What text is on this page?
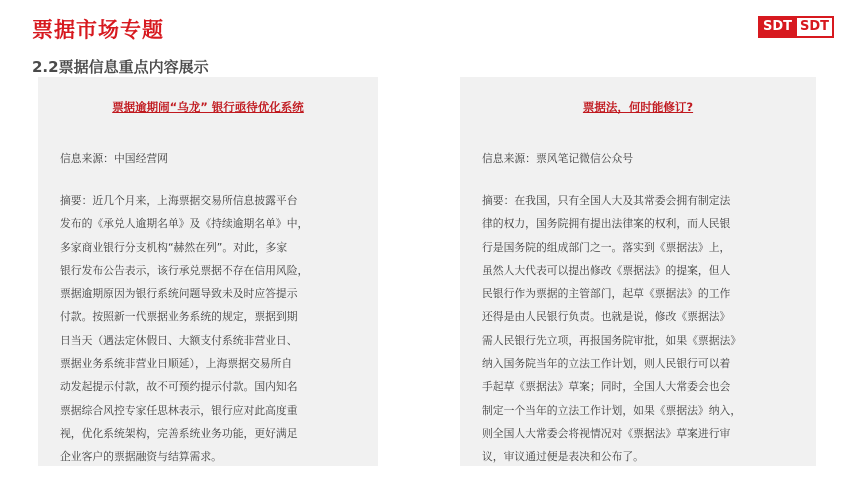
票据市场专题
2.2票据信息重点内容展示
SDT SDT
票据逾期闹“乌龙” 银行亟待优化系统
信息来源：中国经营网
摘要：近几个月来，上海票据交易所信息披露平台
发布的《承兑人逾期名单》及《持续逾期名单》中，
多家商业银行分支机构“赫然在列”。对此，多家
银行发布公告表示，该行承兑票据不存在信用风险，
票据逾期原因为银行系统问题导致未及时应答提示
付款。按照新一代票据业务系统的规定，票据到期
日当天（遇法定休假日、大额支付系统非营业日、
票据业务系统非营业日顺延），上海票据交易所自
动发起提示付款，故不可预约提示付款。国内知名
票据综合风控专家任思林表示，银行应对此高度重
视，优化系统架构，完善系统业务功能，更好满足
企业客户的票据融资与结算需求。
票据法，何时能修订?
信息来源：票风笔记微信公众号
摘要：在我国，只有全国人大及其常委会拥有制定法
律的权力，国务院拥有提出法律案的权利，而人民银
行是国务院的组成部门之一。落实到《票据法》上，
虽然人大代表可以提出修改《票据法》的提案，但人
民银行作为票据的主管部门，起草《票据法》的工作
还得是由人民银行负责。也就是说，修改《票据法》
需人民银行先立项，再报国务院审批，如果《票据法》
纳入国务院当年的立法工作计划，则人民银行可以着
手起草《票据法》草案；同时，全国人大常委会也会
制定一个当年的立法工作计划，如果《票据法》纳入，
则全国人大常委会将视情况对《票据法》草案进行审
议，审议通过便是表决和公布了。
